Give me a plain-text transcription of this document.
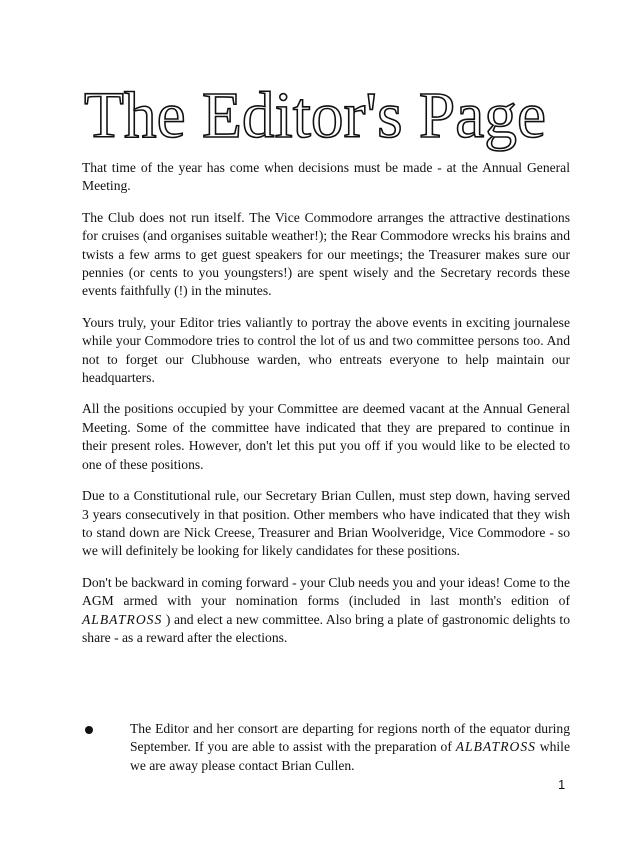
The Editor's Page

That time of the year has come when decisions must be made - at the Annual General Meeting.

The Club does not run itself. The Vice Commodore arranges the attractive destinations for cruises (and organises suitable weather!); the Rear Commodore wrecks his brains and twists a few arms to get guest speakers for our meetings; the Treasurer makes sure our pennies (or cents to you youngsters!) are spent wisely and the Secretary records these events faithfully (!) in the minutes.

Yours truly, your Editor tries valiantly to portray the above events in exciting journalese while your Commodore tries to control the lot of us and two committee persons too. And not to forget our Clubhouse warden, who entreats everyone to help maintain our headquarters.

All the positions occupied by your Committee are deemed vacant at the Annual General Meeting. Some of the committee have indicated that they are prepared to continue in their present roles. However, don't let this put you off if you would like to be elected to one of these positions.

Due to a Constitutional rule, our Secretary Brian Cullen, must step down, having served 3 years consecutively in that position. Other members who have indicated that they wish to stand down are Nick Creese, Treasurer and Brian Woolveridge, Vice Commodore - so we will definitely be looking for likely candidates for these positions.

Don't be backward in coming forward - your Club needs you and your ideas! Come to the AGM armed with your nomination forms (included in last month's edition of ALBATROSS ) and elect a new committee. Also bring a plate of gastronomic delights to share - as a reward after the elections.

The Editor and her consort are departing for regions north of the equator during September. If you are able to assist with the preparation of ALBATROSS while we are away please contact Brian Cullen.
1
